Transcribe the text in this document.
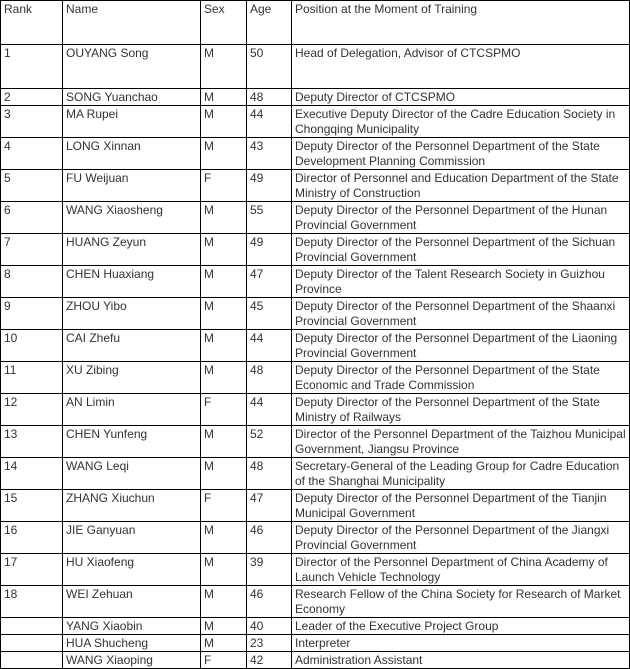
Rank	Name	Sex	Age	Position at the Moment of Training
1	OUYANG Song	M	50	Head of Delegation, Advisor of CTCSPMO
2	SONG Yuanchao	M	48	Deputy Director of CTCSPMO
3	MA Rupei	M	44	Executive Deputy Director of the Cadre Education Society in Chongqing Municipality
4	LONG Xinnan	M	43	Deputy Director of the Personnel Department of the State Development Planning Commission
5	FU Weijuan	F	49	Director of Personnel and Education Department of the State Ministry of Construction
6	WANG Xiaosheng	M	55	Deputy Director of the Personnel Department of the Hunan Provincial Government
7	HUANG Zeyun	M	49	Deputy Director of the Personnel Department of the Sichuan Provincial Government
8	CHEN Huaxiang	M	47	Deputy Director of the Talent Research Society in Guizhou Province
9	ZHOU Yibo	M	45	Deputy Director of the Personnel Department of the Shaanxi Provincial Government
10	CAI Zhefu	M	44	Deputy Director of the Personnel Department of the Liaoning Provincial Government
11	XU Zibing	M	48	Deputy Director of the Personnel Department of the State Economic and Trade Commission
12	AN Limin	F	44	Deputy Director of the Personnel Department of the State Ministry of Railways
13	CHEN Yunfeng	M	52	Director of the Personnel Department of the Taizhou Municipal Government, Jiangsu Province
14	WANG Leqi	M	48	Secretary-General of the Leading Group for Cadre Education of the Shanghai Municipality
15	ZHANG Xiuchun	F	47	Deputy Director of the Personnel Department of the Tianjin Municipal Government
16	JIE Ganyuan	M	46	Deputy Director of the Personnel Department of the Jiangxi Provincial Government
17	HU Xiaofeng	M	39	Director of the Personnel Department of China Academy of Launch Vehicle Technology
18	WEI Zehuan	M	46	Research Fellow of the China Society for Research of Market Economy
	YANG Xiaobin	M	40	Leader of the Executive Project Group
	HUA Shucheng	M	23	Interpreter
	WANG Xiaoping	F	42	Administration Assistant
